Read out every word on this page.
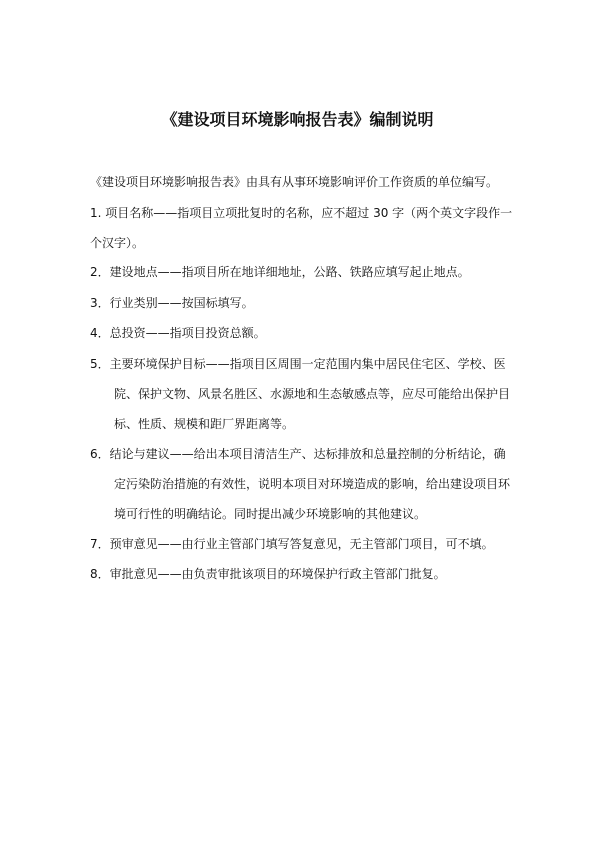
《建设项目环境影响报告表》编制说明
《建设项目环境影响报告表》由具有从事环境影响评价工作资质的单位编写。
1. 项目名称——指项目立项批复时的名称，应不超过 30 字（两个英文字段作一
个汉字）。
2．建设地点——指项目所在地详细地址，公路、铁路应填写起止地点。
3．行业类别——按国标填写。
4．总投资——指项目投资总额。
5．主要环境保护目标——指项目区周围一定范围内集中居民住宅区、学校、医
院、保护文物、风景名胜区、水源地和生态敏感点等，应尽可能给出保护目
标、性质、规模和距厂界距离等。
6．结论与建议——给出本项目清洁生产、达标排放和总量控制的分析结论，确
定污染防治措施的有效性，说明本项目对环境造成的影响，给出建设项目环
境可行性的明确结论。同时提出减少环境影响的其他建议。
7．预审意见——由行业主管部门填写答复意见，无主管部门项目，可不填。
8．审批意见——由负责审批该项目的环境保护行政主管部门批复。
